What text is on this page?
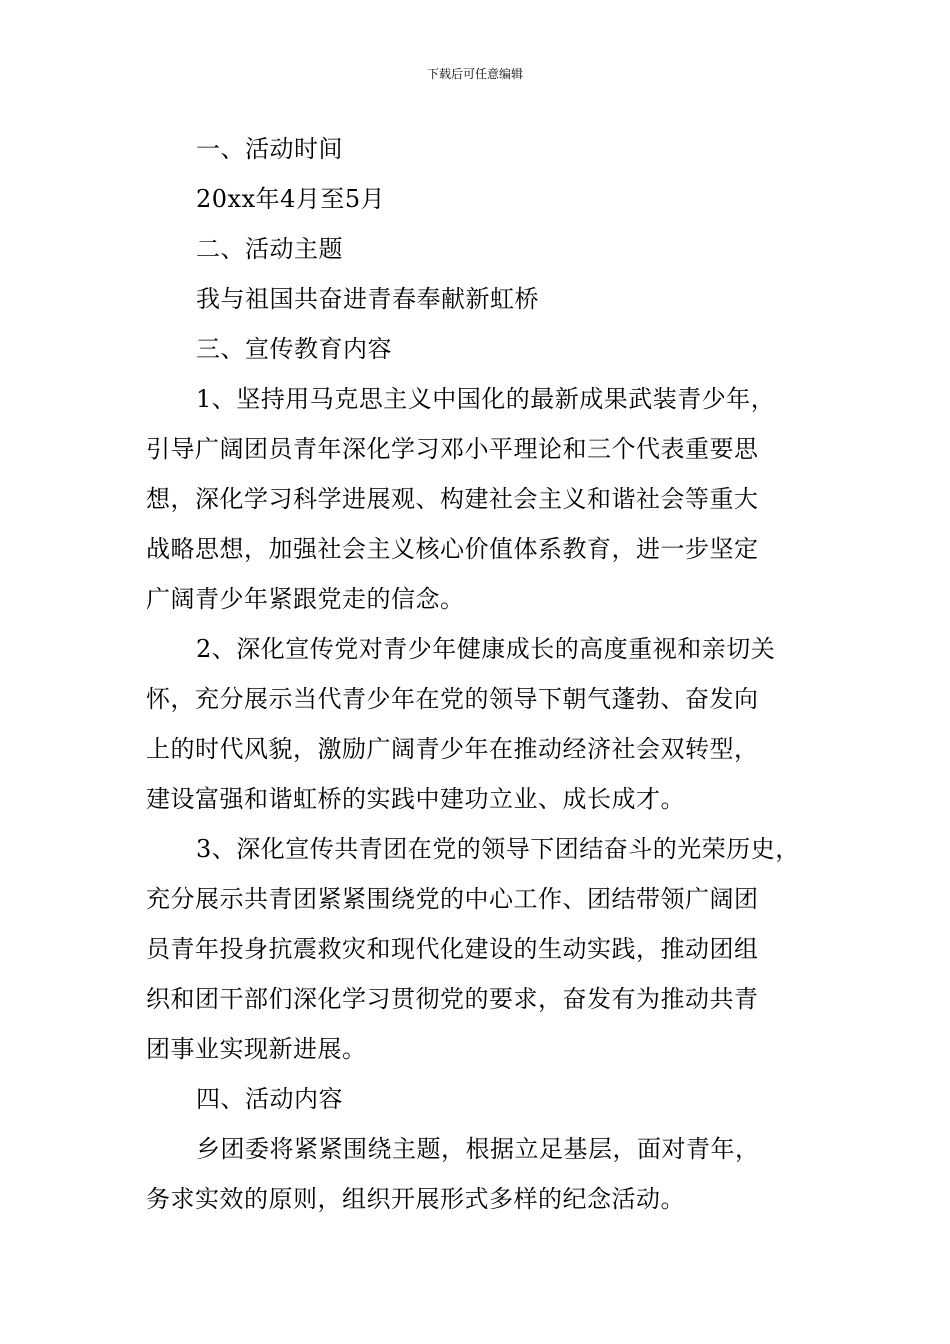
下载后可任意编辑
一、活动时间
20xx年4月至5月
二、活动主题
我与祖国共奋进青春奉献新虹桥
三、宣传教育内容
1、坚持用马克思主义中国化的最新成果武装青少年，
引导广阔团员青年深化学习邓小平理论和三个代表重要思
想，深化学习科学进展观、构建社会主义和谐社会等重大
战略思想，加强社会主义核心价值体系教育，进一步坚定
广阔青少年紧跟党走的信念。
2、深化宣传党对青少年健康成长的高度重视和亲切关
怀，充分展示当代青少年在党的领导下朝气蓬勃、奋发向
上的时代风貌，激励广阔青少年在推动经济社会双转型，
建设富强和谐虹桥的实践中建功立业、成长成才。
3、深化宣传共青团在党的领导下团结奋斗的光荣历史，
充分展示共青团紧紧围绕党的中心工作、团结带领广阔团
员青年投身抗震救灾和现代化建设的生动实践，推动团组
织和团干部们深化学习贯彻党的要求，奋发有为推动共青
团事业实现新进展。
四、活动内容
乡团委将紧紧围绕主题，根据立足基层，面对青年，
务求实效的原则，组织开展形式多样的纪念活动。
